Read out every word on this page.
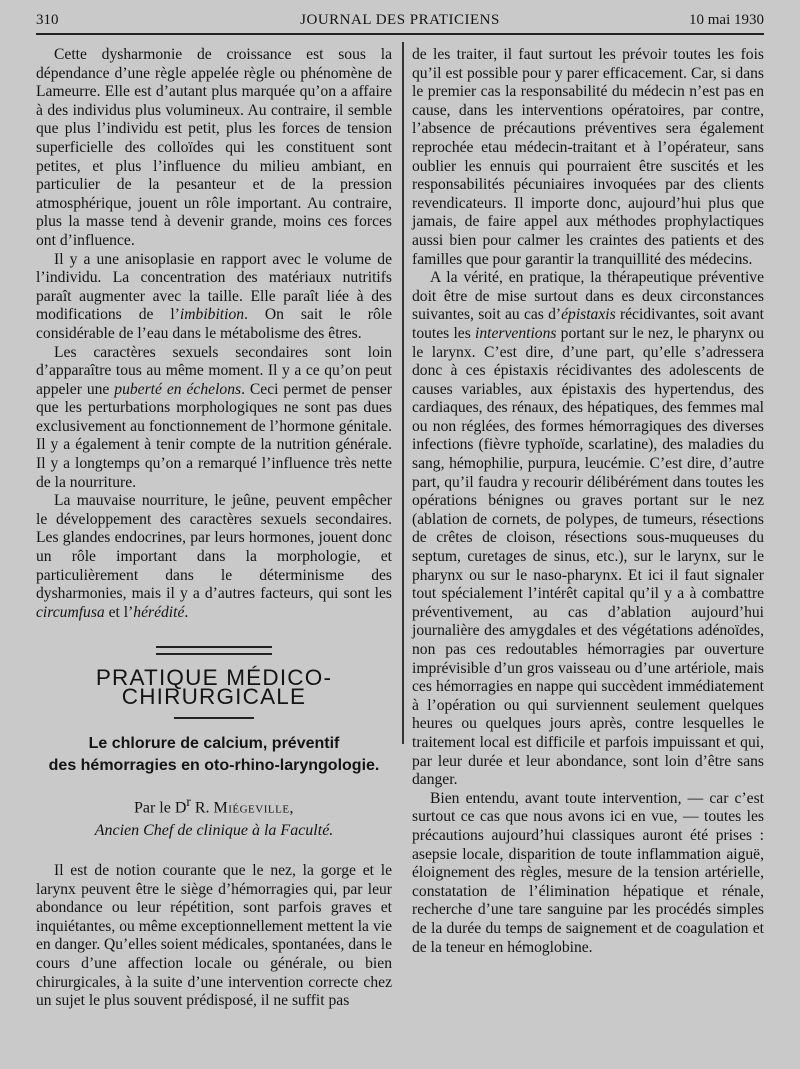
310	JOURNAL DES PRATICIENS	10 mai 1930

Cette dysharmonie de croissance est sous la dépendance d’une règle appelée règle ou phénomène de Lameurre. Elle est d’autant plus marquée qu’on a affaire à des individus plus volumineux. Au contraire, il semble que plus l’individu est petit, plus les forces de tension superficielle des colloïdes qui les constituent sont petites, et plus l’influence du milieu ambiant, en particulier de la pesanteur et de la pression atmosphérique, jouent un rôle important. Au contraire, plus la masse tend à devenir grande, moins ces forces ont d’influence.

Il y a une anisoplasie en rapport avec le volume de l’individu. La concentration des matériaux nutritifs paraît augmenter avec la taille. Elle paraît liée à des modifications de l’imbibition. On sait le rôle considérable de l’eau dans le métabolisme des êtres.

Les caractères sexuels secondaires sont loin d’apparaître tous au même moment. Il y a ce qu’on peut appeler une puberté en échelons. Ceci permet de penser que les perturbations morphologiques ne sont pas dues exclusivement au fonctionnement de l’hormone génitale. Il y a également à tenir compte de la nutrition générale. Il y a longtemps qu’on a remarqué l’influence très nette de la nourriture.

La mauvaise nourriture, le jeûne, peuvent empêcher le développement des caractères sexuels secondaires. Les glandes endocrines, par leurs hormones, jouent donc un rôle important dans la morphologie, et particulièrement dans le déterminisme des dysharmonies, mais il y a d’autres facteurs, qui sont les circumfusa et l’hérédité.

PRATIQUE MÉDICO-CHIRURGICALE
Le chlorure de calcium, préventif
des hémorragies en oto-rhino-laryngologie.
Par le $D^r$ R. Miégeville,
Ancien Chef de clinique à la Faculté.

Il est de notion courante que le nez, la gorge et le larynx peuvent être le siège d’hémorragies qui, par leur abondance ou leur répétition, sont parfois graves et inquiétantes, ou même exceptionnellement mettent la vie en danger. Qu’elles soient médicales, spontanées, dans le cours d’une affection locale ou générale, ou bien chirurgicales, à la suite d’une intervention correcte chez un sujet le plus souvent prédisposé, il ne suffit pas

de les traiter, il faut surtout les prévoir toutes les fois qu’il est possible pour y parer efficacement. Car, si dans le premier cas la responsabilité du médecin n’est pas en cause, dans les interventions opératoires, par contre, l’absence de précautions préventives sera également reprochée etau médecin-traitant et à l’opérateur, sans oublier les ennuis qui pourraient être suscités et les responsabilités pécuniaires invoquées par des clients revendicateurs. Il importe donc, aujourd’hui plus que jamais, de faire appel aux méthodes prophylactiques aussi bien pour calmer les craintes des patients et des familles que pour garantir la tranquillité des médecins.

A la vérité, en pratique, la thérapeutique préventive doit être de mise surtout dans es deux circonstances suivantes, soit au cas d’épistaxis récidivantes, soit avant toutes les interventions portant sur le nez, le pharynx ou le larynx. C’est dire, d’une part, qu’elle s’adressera donc à ces épistaxis récidivantes des adolescents de causes variables, aux épistaxis des hypertendus, des cardiaques, des rénaux, des hépatiques, des femmes mal ou non réglées, des formes hémorragiques des diverses infections (fièvre typhoïde, scarlatine), des maladies du sang, hémophilie, purpura, leucémie. C’est dire, d’autre part, qu’il faudra y recourir délibérément dans toutes les opérations bénignes ou graves portant sur le nez (ablation de cornets, de polypes, de tumeurs, résections de crêtes de cloison, résections sous-muqueuses du septum, curetages de sinus, etc.), sur le larynx, sur le pharynx ou sur le naso-pharynx. Et ici il faut signaler tout spécialement l’intérêt capital qu’il y a à combattre préventivement, au cas d’ablation aujourd’hui journalière des amygdales et des végétations adénoïdes, non pas ces redoutables hémorragies par ouverture imprévisible d’un gros vaisseau ou d’une artériole, mais ces hémorragies en nappe qui succèdent immédiatement à l’opération ou qui surviennent seulement quelques heures ou quelques jours après, contre lesquelles le traitement local est difficile et parfois impuissant et qui, par leur durée et leur abondance, sont loin d’être sans danger.

Bien entendu, avant toute intervention, — car c’est surtout ce cas que nous avons ici en vue, — toutes les précautions aujourd’hui classiques auront été prises : asepsie locale, disparition de toute inflammation aiguë, éloignement des règles, mesure de la tension artérielle, constatation de l’élimination hépatique et rénale, recherche d’une tare sanguine par les procédés simples de la durée du temps de saignement et de coagulation et de la teneur en hémoglobine.
